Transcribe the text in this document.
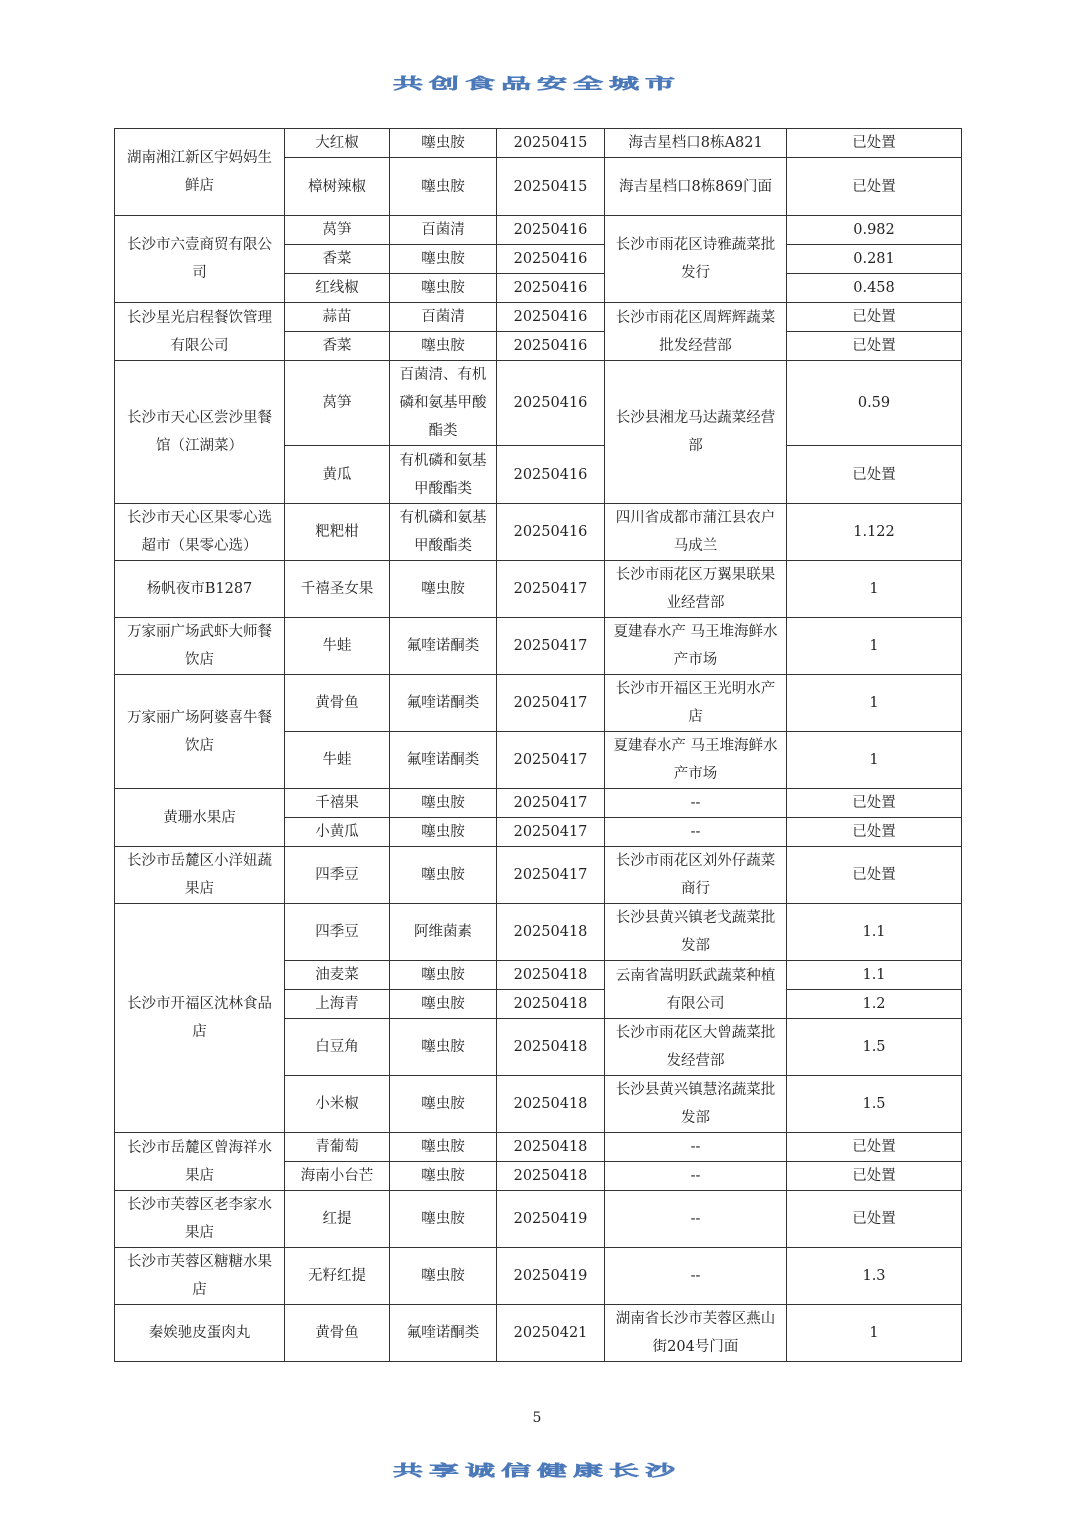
共创食品安全城市
湖南湘江新区宇妈妈生鲜店	大红椒	噻虫胺	20250415	海吉星档口8栋A821	已处置
	樟树辣椒	噻虫胺	20250415	海吉星档口8栋869门面	已处置
长沙市六壹商贸有限公司	莴笋	百菌清	20250416	长沙市雨花区诗雅蔬菜批发行	0.982
	香菜	噻虫胺	20250416		0.281
	红线椒	噻虫胺	20250416		0.458
长沙星光启程餐饮管理有限公司	蒜苗	百菌清	20250416	长沙市雨花区周辉辉蔬菜批发经营部	已处置
	香菜	噻虫胺	20250416		已处置
长沙市天心区尝沙里餐馆（江湖菜）	莴笋	百菌清、有机磷和氨基甲酸酯类	20250416	长沙县湘龙马达蔬菜经营部	0.59
	黄瓜	有机磷和氨基甲酸酯类	20250416		已处置
长沙市天心区果零心选超市（果零心选）	粑粑柑	有机磷和氨基甲酸酯类	20250416	四川省成都市蒲江县农户马成兰	1.122
杨帆夜市B1287	千禧圣女果	噻虫胺	20250417	长沙市雨花区万翼果联果业经营部	1
万家丽广场武虾大师餐饮店	牛蛙	氟喹诺酮类	20250417	夏建春水产 马王堆海鲜水产市场	1
万家丽广场阿婆喜牛餐饮店	黄骨鱼	氟喹诺酮类	20250417	长沙市开福区王光明水产店	1
	牛蛙	氟喹诺酮类	20250417	夏建春水产 马王堆海鲜水产市场	1
黄珊水果店	千禧果	噻虫胺	20250417	--	已处置
	小黄瓜	噻虫胺	20250417	--	已处置
长沙市岳麓区小洋妞蔬果店	四季豆	噻虫胺	20250417	长沙市雨花区刘外仔蔬菜商行	已处置
长沙市开福区沈林食品店	四季豆	阿维菌素	20250418	长沙县黄兴镇老戈蔬菜批发部	1.1
	油麦菜	噻虫胺	20250418	云南省嵩明跃武蔬菜种植有限公司	1.1
	上海青	噻虫胺	20250418		1.2
	白豆角	噻虫胺	20250418	长沙市雨花区大曾蔬菜批发经营部	1.5
	小米椒	噻虫胺	20250418	长沙县黄兴镇慧洺蔬菜批发部	1.5
长沙市岳麓区曾海祥水果店	青葡萄	噻虫胺	20250418	--	已处置
	海南小台芒	噻虫胺	20250418	--	已处置
长沙市芙蓉区老李家水果店	红提	噻虫胺	20250419	--	已处置
长沙市芙蓉区糖糖水果店	无籽红提	噻虫胺	20250419	--	1.3
秦娭驰皮蛋肉丸	黄骨鱼	氟喹诺酮类	20250421	湖南省长沙市芙蓉区燕山街204号门面	1
5
共享诚信健康长沙
